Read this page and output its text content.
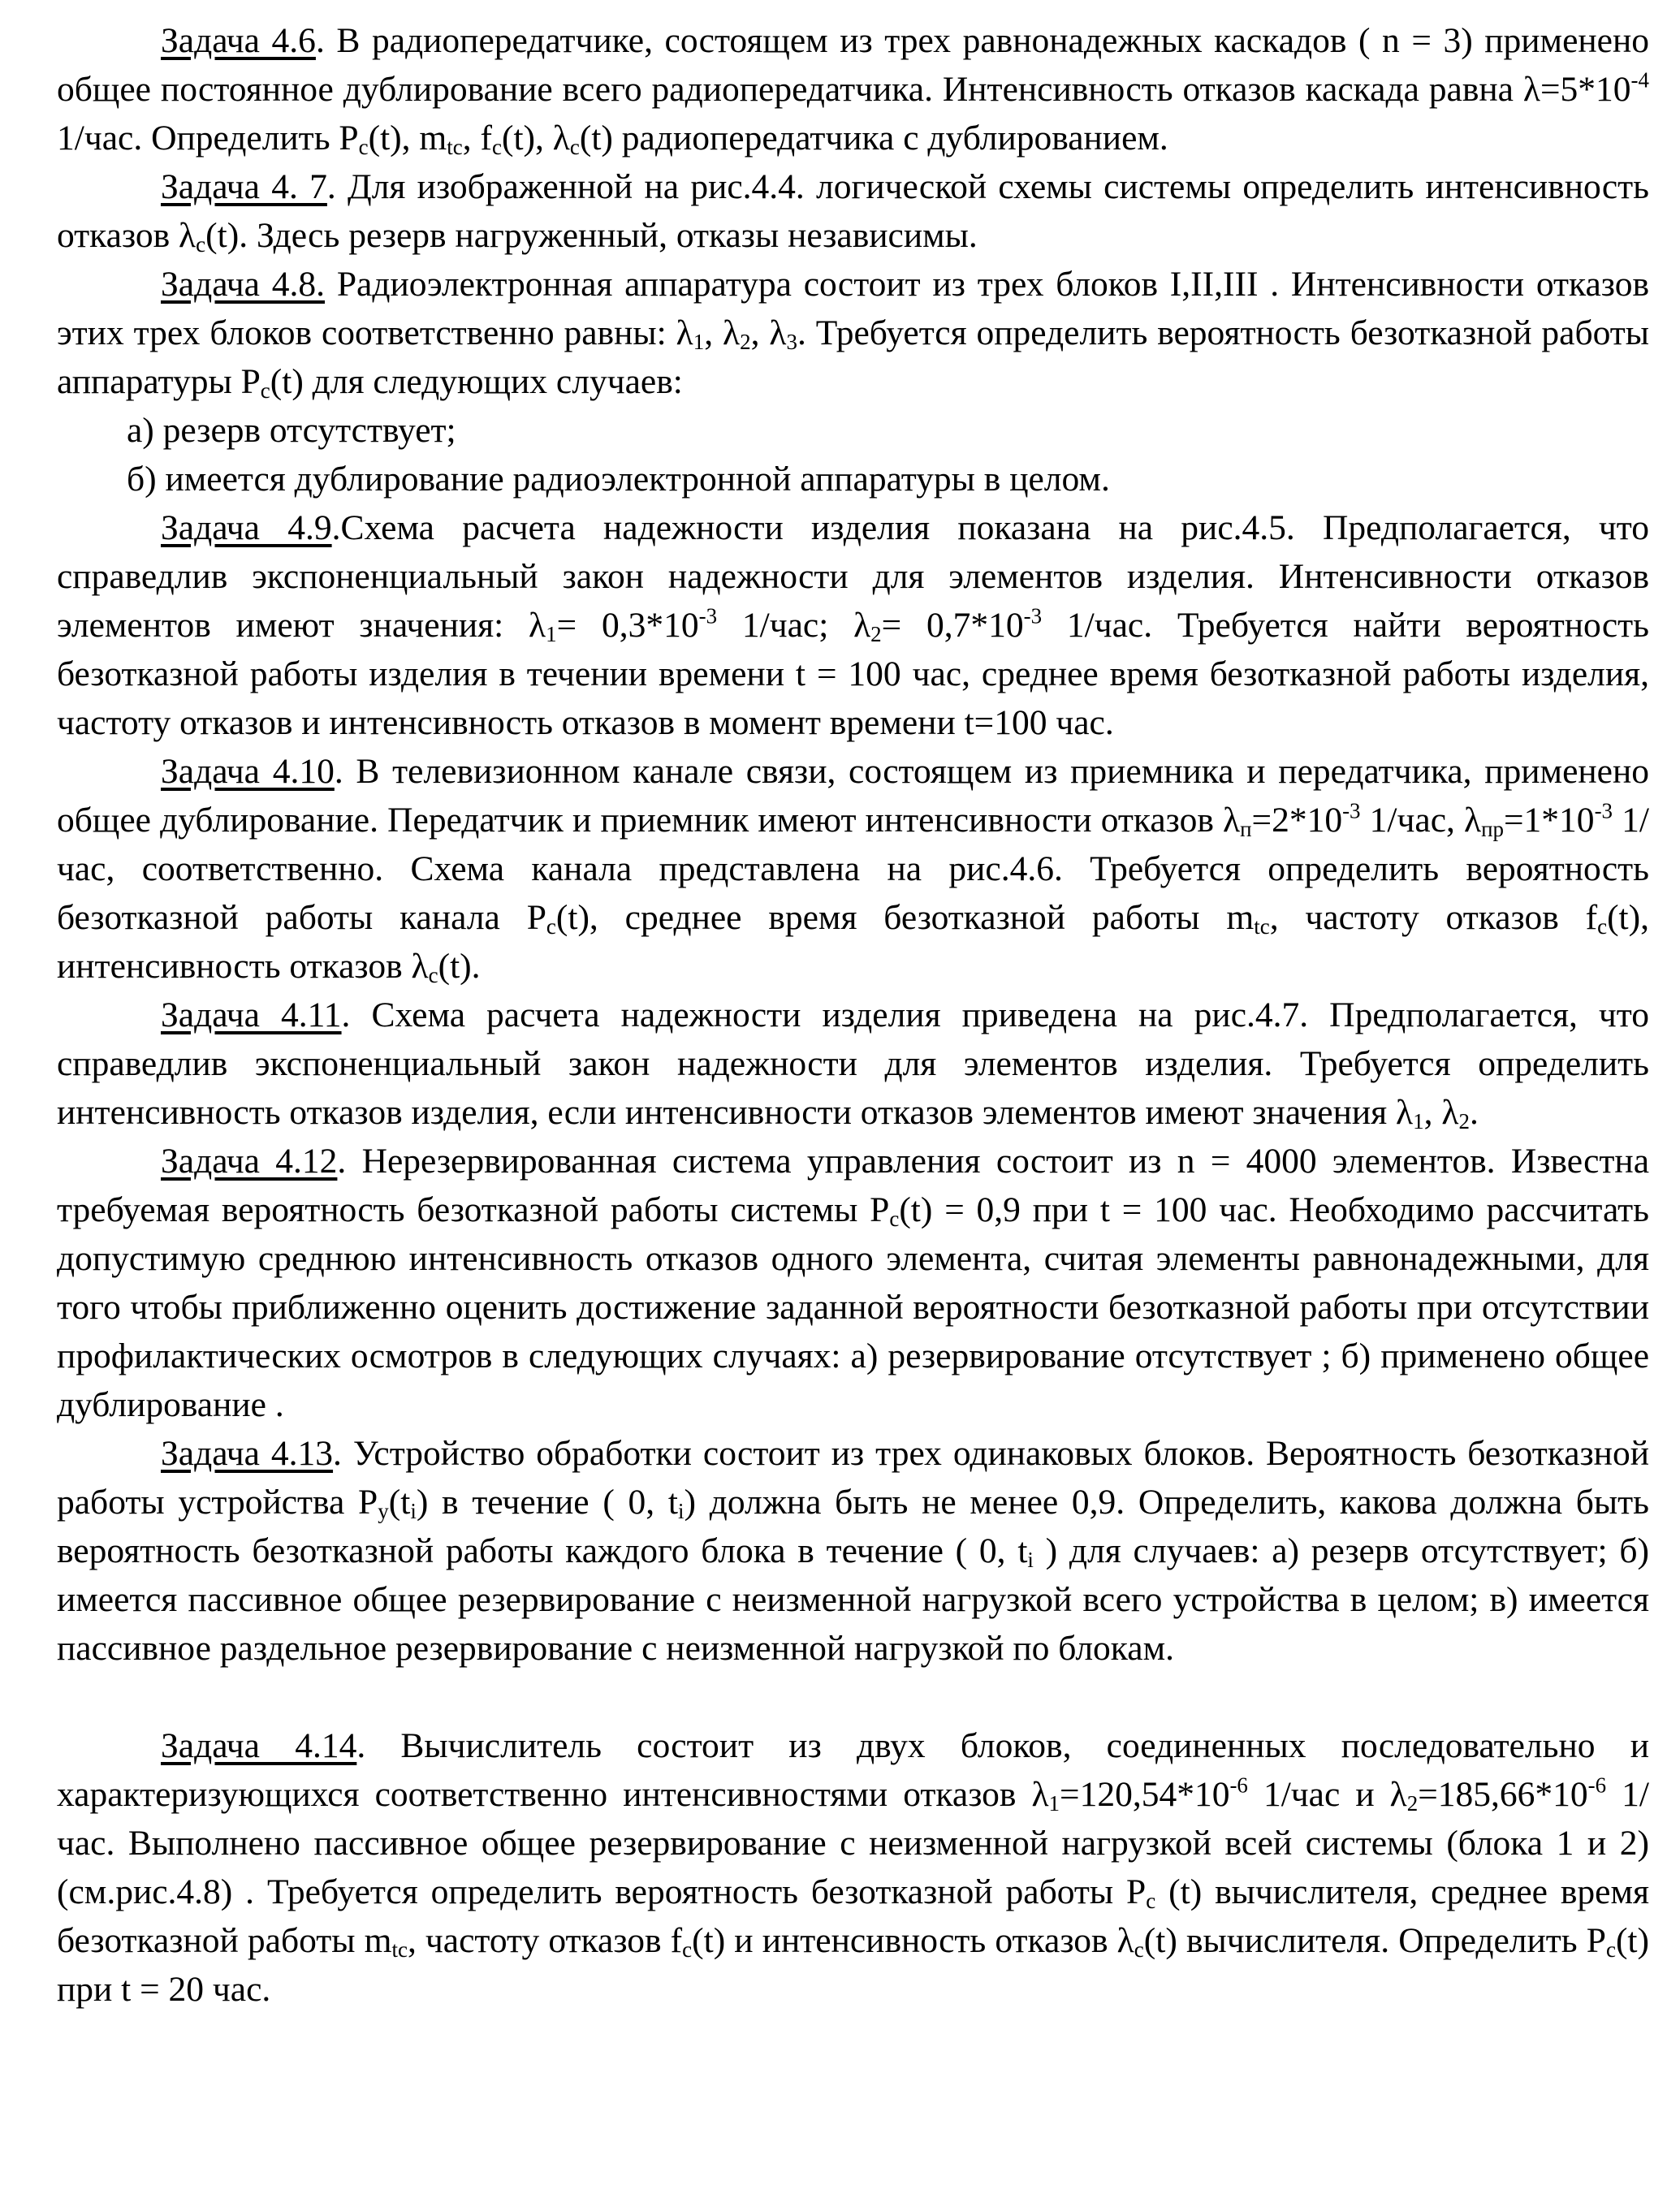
Задача 4.6. В радиопередатчике, состоящем из трех равнонадежных каскадов ( n = 3) применено общее постоянное дублирование всего радиопередатчика. Интенсивность отказов каскада равна $\lambda=5*10^{-4}$ 1/час. Определить $P_c(t)$, $m_{tc}$, $f_c(t)$, $\lambda_c(t)$ радиопередатчика с дублированием.

Задача 4. 7. Для изображенной на рис.4.4. логической схемы системы определить интенсивность отказов $\lambda_c(t)$. Здесь резерв нагруженный, отказы независимы.

Задача 4.8. Радиоэлектронная аппаратура состоит из трех блоков I,II,III . Интенсивности отказов этих трех блоков соответственно равны: $\lambda_1$, $\lambda_2$, $\lambda_3$. Требуется определить вероятность безотказной работы аппаратуры $P_c(t)$ для следующих случаев:

а) резерв отсутствует;

б) имеется дублирование радиоэлектронной аппаратуры в целом.

Задача 4.9.Схема расчета надежности изделия показана на рис.4.5. Предполагается, что справедлив экспоненциальный закон надежности для элементов изделия. Интенсивности отказов элементов имеют значения: $\lambda_1= 0,3*10^{-3}$ 1/час; $\lambda_2= 0,7*10^{-3}$ 1/час. Требуется найти вероятность безотказной работы изделия в течении времени t = 100 час, среднее время безотказной работы изделия, частоту отказов и интенсивность отказов в момент времени t=100 час.

Задача 4.10. В телевизионном канале связи, состоящем из приемника и передатчика, применено общее дублирование. Передатчик и приемник имеют интенсивности отказов $\lambda_п=2*10^{-3}$ 1/час, $\lambda_{пр}=1*10^{-3}$ 1/час, соответственно. Схема канала представлена на рис.4.6. Требуется определить вероятность безотказной работы канала $P_c(t)$, среднее время безотказной работы $m_{tc}$, частоту отказов $f_c(t)$, интенсивность отказов $\lambda_c(t)$.

Задача 4.11. Схема расчета надежности изделия приведена на рис.4.7. Предполагается, что справедлив экспоненциальный закон надежности для элементов изделия. Требуется определить интенсивность отказов изделия, если интенсивности отказов элементов имеют значения $\lambda_1$, $\lambda_2$.

Задача 4.12. Нерезервированная система управления состоит из n = 4000 элементов. Известна требуемая вероятность безотказной работы системы $P_c(t) = 0,9$ при t = 100 час. Необходимо рассчитать допустимую среднюю интенсивность отказов одного элемента, считая элементы равнонадежными, для того чтобы приближенно оценить достижение заданной вероятности безотказной работы при отсутствии профилактических осмотров в следующих случаях: а) резервирование отсутствует ; б) применено общее дублирование .

Задача 4.13. Устройство обработки состоит из трех одинаковых блоков. Вероятность безотказной работы устройства $P_y(t_i)$ в течение ( 0, $t_i$) должна быть не менее 0,9. Определить, какова должна быть вероятность безотказной работы каждого блока в течение ( 0, $t_i$ ) для случаев: а) резерв отсутствует; б) имеется пассивное общее резервирование с неизменной нагрузкой всего устройства в целом; в) имеется пассивное раздельное резервирование с неизменной нагрузкой по блокам.

Задача 4.14. Вычислитель состоит из двух блоков, соединенных последовательно и характеризующихся соответственно интенсивностями отказов $\lambda_1=120,54*10^{-6}$ 1/час и $\lambda_2=185,66*10^{-6}$ 1/час. Выполнено пассивное общее резервирование с неизменной нагрузкой всей системы (блока 1 и 2) (см.рис.4.8) . Требуется определить вероятность безотказной работы $P_c$ (t) вычислителя, среднее время безотказной работы $m_{tc}$, частоту отказов $f_c(t)$ и интенсивность отказов $\lambda_c(t)$ вычислителя. Определить $P_c(t)$ при t = 20 час.
